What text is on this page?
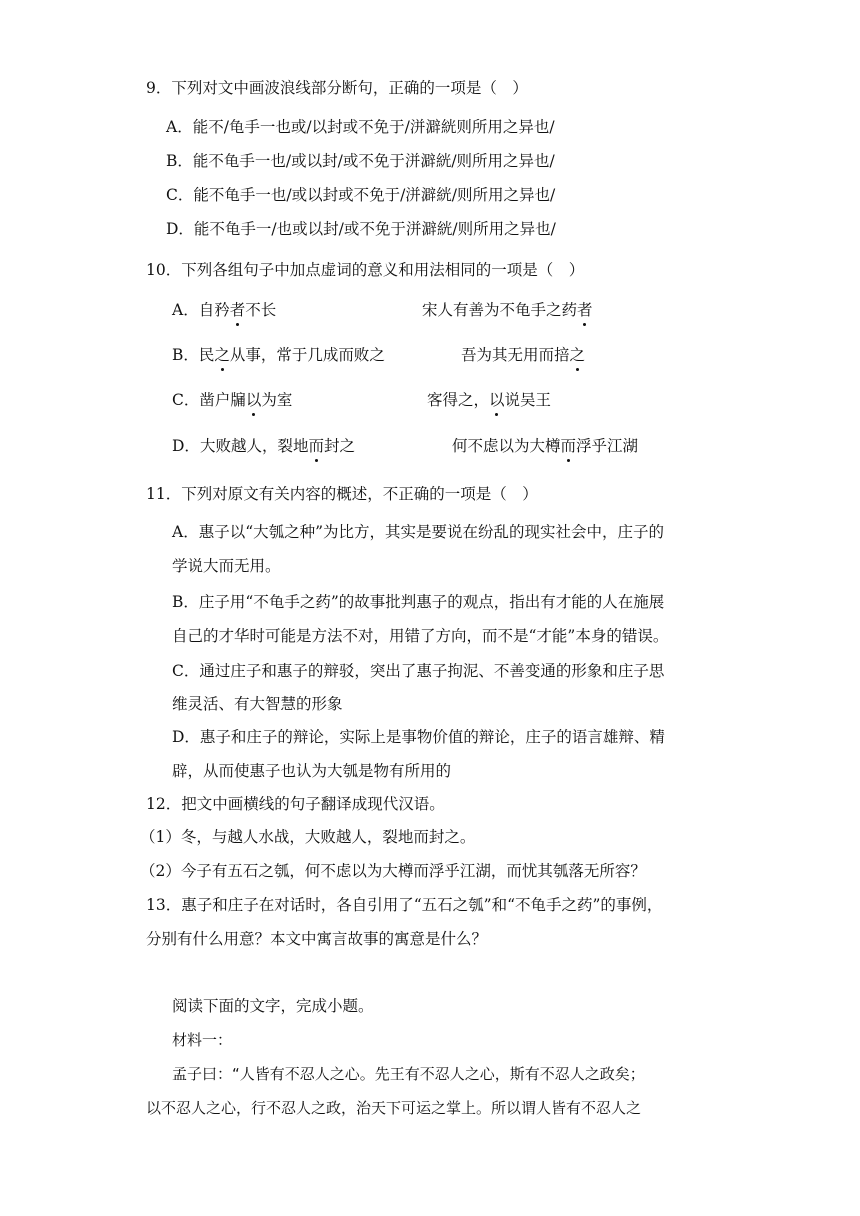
9．下列对文中画波浪线部分断句，正确的一项是（　）
A．能不/龟手一也或/以封或不免于/洴澼絖则所用之异也/
B．能不龟手一也/或以封/或不免于洴澼絖/则所用之异也/
C．能不龟手一也/或以封或不免于/洴澼絖/则所用之异也/
D．能不龟手一/也或以封/或不免于洴澼絖/则所用之异也/
10．下列各组句子中加点虚词的意义和用法相同的一项是（　）
A．自矜者不长	宋人有善为不龟手之药者
B．民之从事，常于几成而败之	吾为其无用而掊之
C．凿户牖以为室	客得之，以说吴王
D．大败越人，裂地而封之	何不虑以为大樽而浮乎江湖
11．下列对原文有关内容的概述，不正确的一项是（　）
A．惠子以“大瓠之种”为比方，其实是要说在纷乱的现实社会中，庄子的
学说大而无用。
B．庄子用“不龟手之药”的故事批判惠子的观点，指出有才能的人在施展
自己的才华时可能是方法不对，用错了方向，而不是“才能”本身的错误。
C．通过庄子和惠子的辩驳，突出了惠子拘泥、不善变通的形象和庄子思
维灵活、有大智慧的形象
D．惠子和庄子的辩论，实际上是事物价值的辩论，庄子的语言雄辩、精
辟，从而使惠子也认为大瓠是物有所用的
12．把文中画横线的句子翻译成现代汉语。
（1）冬，与越人水战，大败越人，裂地而封之。
（2）今子有五石之瓠，何不虑以为大樽而浮乎江湖，而忧其瓠落无所容？
13．惠子和庄子在对话时，各自引用了“五石之瓠”和“不龟手之药”的事例，
分别有什么用意？本文中寓言故事的寓意是什么？
阅读下面的文字，完成小题。
材料一：
孟子曰：“人皆有不忍人之心。先王有不忍人之心，斯有不忍人之政矣；
以不忍人之心，行不忍人之政，治天下可运之掌上。所以谓人皆有不忍人之
